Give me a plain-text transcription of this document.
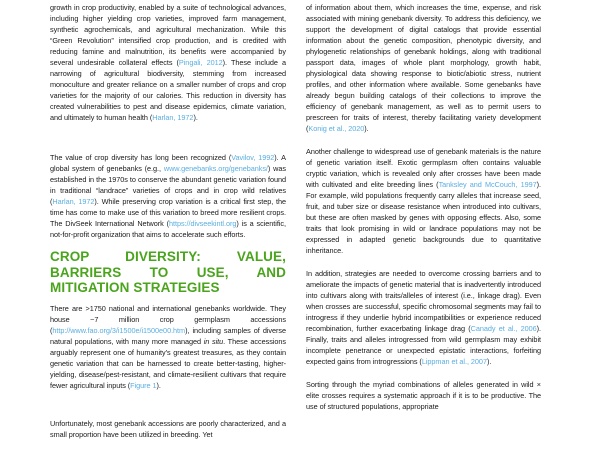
growth in crop productivity, enabled by a suite of technological advances, including higher yielding crop varieties, improved farm management, synthetic agrochemicals, and agricultural mechanization. While this “Green Revolution” intensified crop production, and is credited with reducing famine and malnutrition, its benefits were accompanied by several undesirable collateral effects (Pingali, 2012). These include a narrowing of agricultural biodiversity, stemming from increased monoculture and greater reliance on a smaller number of crops and crop varieties for the majority of our calories. This reduction in diversity has created vulnerabilities to pest and disease epidemics, climate variation, and ultimately to human health (Harlan, 1972).

The value of crop diversity has long been recognized (Vavilov, 1992). A global system of genebanks (e.g., www.genebanks.org/genebanks/) was established in the 1970s to conserve the abundant genetic variation found in traditional “landrace” varieties of crops and in crop wild relatives (Harlan, 1972). While preserving crop variation is a critical first step, the time has come to make use of this variation to breed more resilient crops. The DivSeek International Network (https://divseekintl.org) is a scientific, not-for-profit organization that aims to accelerate such efforts.

CROP DIVERSITY: VALUE, BARRIERS TO USE, AND MITIGATION STRATEGIES

There are >1750 national and international genebanks worldwide. They house ~7 million crop germplasm accessions (http://www.fao.org/3/i1500e/i1500e00.htm), including samples of diverse natural populations, with many more managed in situ. These accessions arguably represent one of humanity’s greatest treasures, as they contain genetic variation that can be harnessed to create better-tasting, higher-yielding, disease/pest-resistant, and climate-resilient cultivars that require fewer agricultural inputs (Figure 1).

Unfortunately, most genebank accessions are poorly characterized, and a small proportion have been utilized in breeding. Yet

of information about them, which increases the time, expense, and risk associated with mining genebank diversity. To address this deficiency, we support the development of digital catalogs that provide essential information about the genetic composition, phenotypic diversity, and phylogenetic relationships of genebank holdings, along with traditional passport data, images of whole plant morphology, growth habit, physiological data showing response to biotic/abiotic stress, nutrient profiles, and other information where available. Some genebanks have already begun building catalogs of their collections to improve the efficiency of genebank management, as well as to permit users to prescreen for traits of interest, thereby facilitating variety development (Konig et al., 2020).

Another challenge to widespread use of genebank materials is the nature of genetic variation itself. Exotic germplasm often contains valuable cryptic variation, which is revealed only after crosses have been made with cultivated and elite breeding lines (Tanksley and McCouch, 1997). For example, wild populations frequently carry alleles that increase seed, fruit, and tuber size or disease resistance when introduced into cultivars, but these are often masked by genes with opposing effects. Also, some traits that look promising in wild or landrace populations may not be expressed in adapted genetic backgrounds due to quantitative inheritance.

In addition, strategies are needed to overcome crossing barriers and to ameliorate the impacts of genetic material that is inadvertently introduced into cultivars along with traits/alleles of interest (i.e., linkage drag). Even when crosses are successful, specific chromosomal segments may fail to introgress if they underlie hybrid incompatibilities or experience reduced recombination, further exacerbating linkage drag (Canady et al., 2006). Finally, traits and alleles introgressed from wild germplasm may exhibit incomplete penetrance or unexpected epistatic interactions, forfeiting expected gains from introgressions (Lippman et al., 2007).

Sorting through the myriad combinations of alleles generated in wild × elite crosses requires a systematic approach if it is to be productive. The use of structured populations, appropriate
